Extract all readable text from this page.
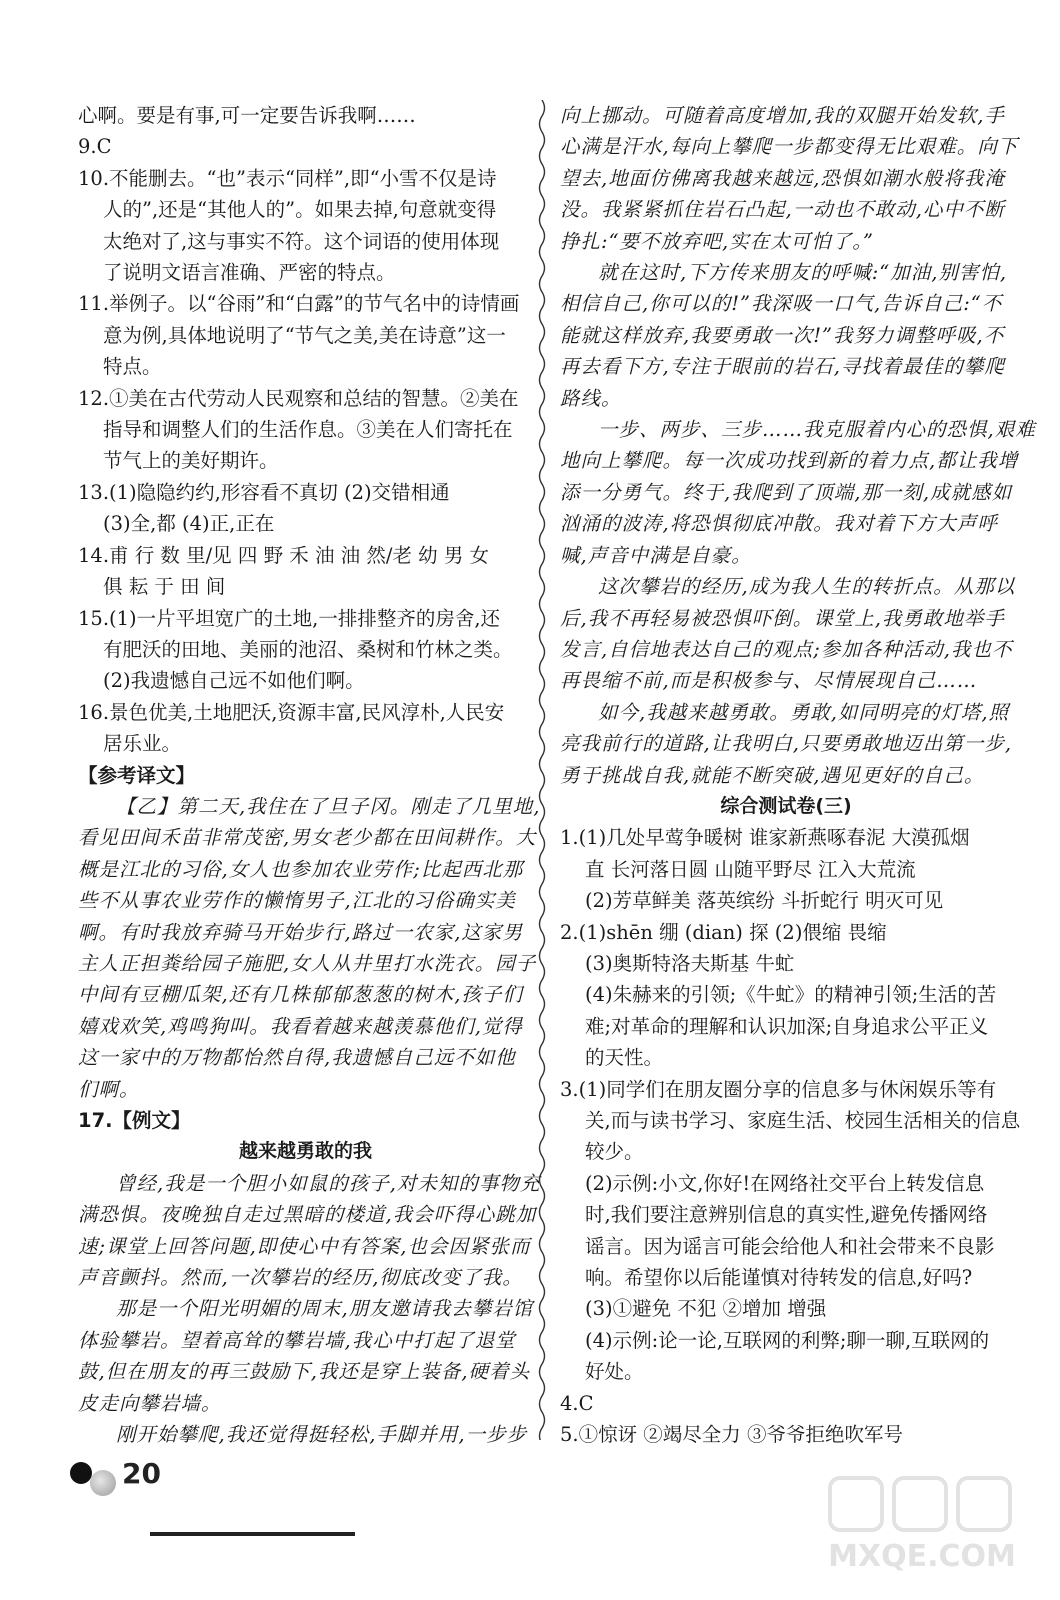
心啊。要是有事,可一定要告诉我啊……

9.C

10.不能删去。“也”表示“同样”,即“小雪不仅是诗

人的”,还是“其他人的”。如果去掉,句意就变得

太绝对了,这与事实不符。这个词语的使用体现

了说明文语言准确、严密的特点。

11.举例子。以“谷雨”和“白露”的节气名中的诗情画

意为例,具体地说明了“节气之美,美在诗意”这一

特点。

12.①美在古代劳动人民观察和总结的智慧。②美在

指导和调整人们的生活作息。③美在人们寄托在

节气上的美好期许。

13.(1)隐隐约约,形容看不真切 (2)交错相通

(3)全,都 (4)正,正在

14.甫 行 数 里/见 四 野 禾 油 油 然/老 幼 男 女

俱 耘 于 田 间

15.(1)一片平坦宽广的土地,一排排整齐的房舍,还

有肥沃的田地、美丽的池沼、桑树和竹林之类。

(2)我遗憾自己远不如他们啊。

16.景色优美,土地肥沃,资源丰富,民风淳朴,人民安

居乐业。

【参考译文】

【乙】第二天,我住在了旦子冈。刚走了几里地,

看见田间禾苗非常茂密,男女老少都在田间耕作。大

概是江北的习俗,女人也参加农业劳作;比起西北那

些不从事农业劳作的懒惰男子,江北的习俗确实美

啊。有时我放弃骑马开始步行,路过一农家,这家男

主人正担粪给园子施肥,女人从井里打水洗衣。园子

中间有豆棚瓜架,还有几株郁郁葱葱的树木,孩子们

嬉戏欢笑,鸡鸣狗叫。我看着越来越羡慕他们,觉得

这一家中的万物都怡然自得,我遗憾自己远不如他

们啊。

17.【例文】

越来越勇敢的我

曾经,我是一个胆小如鼠的孩子,对未知的事物充

满恐惧。夜晚独自走过黑暗的楼道,我会吓得心跳加

速;课堂上回答问题,即使心中有答案,也会因紧张而

声音颤抖。然而,一次攀岩的经历,彻底改变了我。

那是一个阳光明媚的周末,朋友邀请我去攀岩馆

体验攀岩。望着高耸的攀岩墙,我心中打起了退堂

鼓,但在朋友的再三鼓励下,我还是穿上装备,硬着头

皮走向攀岩墙。

刚开始攀爬,我还觉得挺轻松,手脚并用,一步步

向上挪动。可随着高度增加,我的双腿开始发软,手

心满是汗水,每向上攀爬一步都变得无比艰难。向下

望去,地面仿佛离我越来越远,恐惧如潮水般将我淹

没。我紧紧抓住岩石凸起,一动也不敢动,心中不断

挣扎:“要不放弃吧,实在太可怕了。”

就在这时,下方传来朋友的呼喊:“加油,别害怕,

相信自己,你可以的!”我深吸一口气,告诉自己:“不

能就这样放弃,我要勇敢一次!”我努力调整呼吸,不

再去看下方,专注于眼前的岩石,寻找着最佳的攀爬

路线。

一步、两步、三步……我克服着内心的恐惧,艰难

地向上攀爬。每一次成功找到新的着力点,都让我增

添一分勇气。终于,我爬到了顶端,那一刻,成就感如

汹涌的波涛,将恐惧彻底冲散。我对着下方大声呼

喊,声音中满是自豪。

这次攀岩的经历,成为我人生的转折点。从那以

后,我不再轻易被恐惧吓倒。课堂上,我勇敢地举手

发言,自信地表达自己的观点;参加各种活动,我也不

再畏缩不前,而是积极参与、尽情展现自己……

如今,我越来越勇敢。勇敢,如同明亮的灯塔,照

亮我前行的道路,让我明白,只要勇敢地迈出第一步,

勇于挑战自我,就能不断突破,遇见更好的自己。

综合测试卷(三)

1.(1)几处早莺争暖树 谁家新燕啄春泥 大漠孤烟

直 长河落日圆 山随平野尽 江入大荒流

(2)芳草鲜美 落英缤纷 斗折蛇行 明灭可见

2.(1)shēn 绷 (dian) 探 (2)偎缩 畏缩

(3)奥斯特洛夫斯基 牛虻

(4)朱赫来的引领;《牛虻》的精神引领;生活的苦

难;对革命的理解和认识加深;自身追求公平正义

的天性。

3.(1)同学们在朋友圈分享的信息多与休闲娱乐等有

关,而与读书学习、家庭生活、校园生活相关的信息

较少。

(2)示例:小文,你好!在网络社交平台上转发信息

时,我们要注意辨别信息的真实性,避免传播网络

谣言。因为谣言可能会给他人和社会带来不良影

响。希望你以后能谨慎对待转发的信息,好吗?

(3)①避免 不犯 ②增加 增强

(4)示例:论一论,互联网的利弊;聊一聊,互联网的

好处。

4.C

5.①惊讶 ②竭尽全力 ③爷爷拒绝吹军号

20
MXQE.COM
